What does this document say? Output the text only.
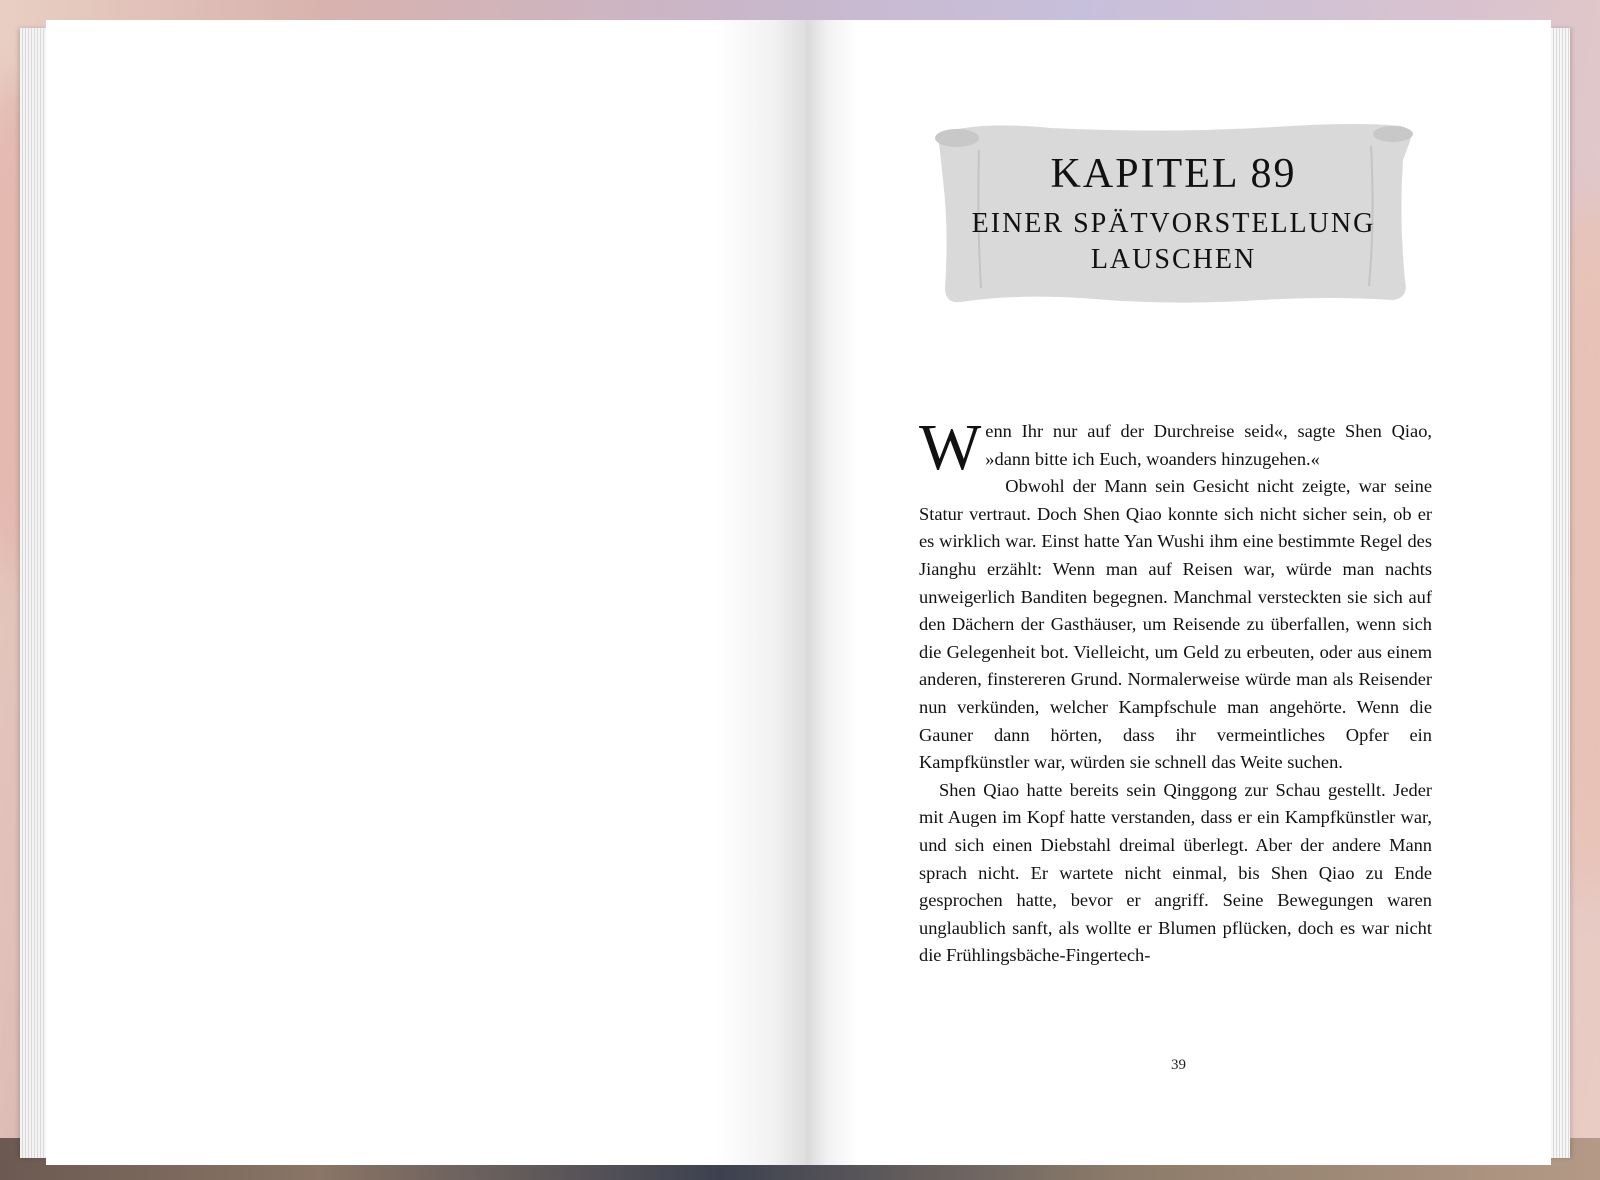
KAPITEL 89
EINER SPÄTVORSTELLUNG
LAUSCHEN

Wenn Ihr nur auf der Durchreise seid«, sagte Shen Qiao, »dann bitte ich Euch, woanders hinzugehen.«

Obwohl der Mann sein Gesicht nicht zeigte, war seine Statur vertraut. Doch Shen Qiao konnte sich nicht sicher sein, ob er es wirklich war. Einst hatte Yan Wushi ihm eine bestimmte Regel des Jianghu erzählt: Wenn man auf Reisen war, würde man nachts unweigerlich Banditen begegnen. Manchmal versteckten sie sich auf den Dächern der Gasthäuser, um Reisende zu überfallen, wenn sich die Gelegenheit bot. Vielleicht, um Geld zu erbeuten, oder aus einem anderen, finstereren Grund. Normalerweise würde man als Reisender nun verkünden, welcher Kampfschule man angehörte. Wenn die Gauner dann hörten, dass ihr vermeintliches Opfer ein Kampfkünstler war, würden sie schnell das Weite suchen.

Shen Qiao hatte bereits sein Qinggong zur Schau gestellt. Jeder mit Augen im Kopf hatte verstanden, dass er ein Kampfkünstler war, und sich einen Diebstahl dreimal überlegt. Aber der andere Mann sprach nicht. Er wartete nicht einmal, bis Shen Qiao zu Ende gesprochen hatte, bevor er angriff. Seine Bewegungen waren unglaublich sanft, als wollte er Blumen pflücken, doch es war nicht die Frühlingsbäche-Fingertech-

39
